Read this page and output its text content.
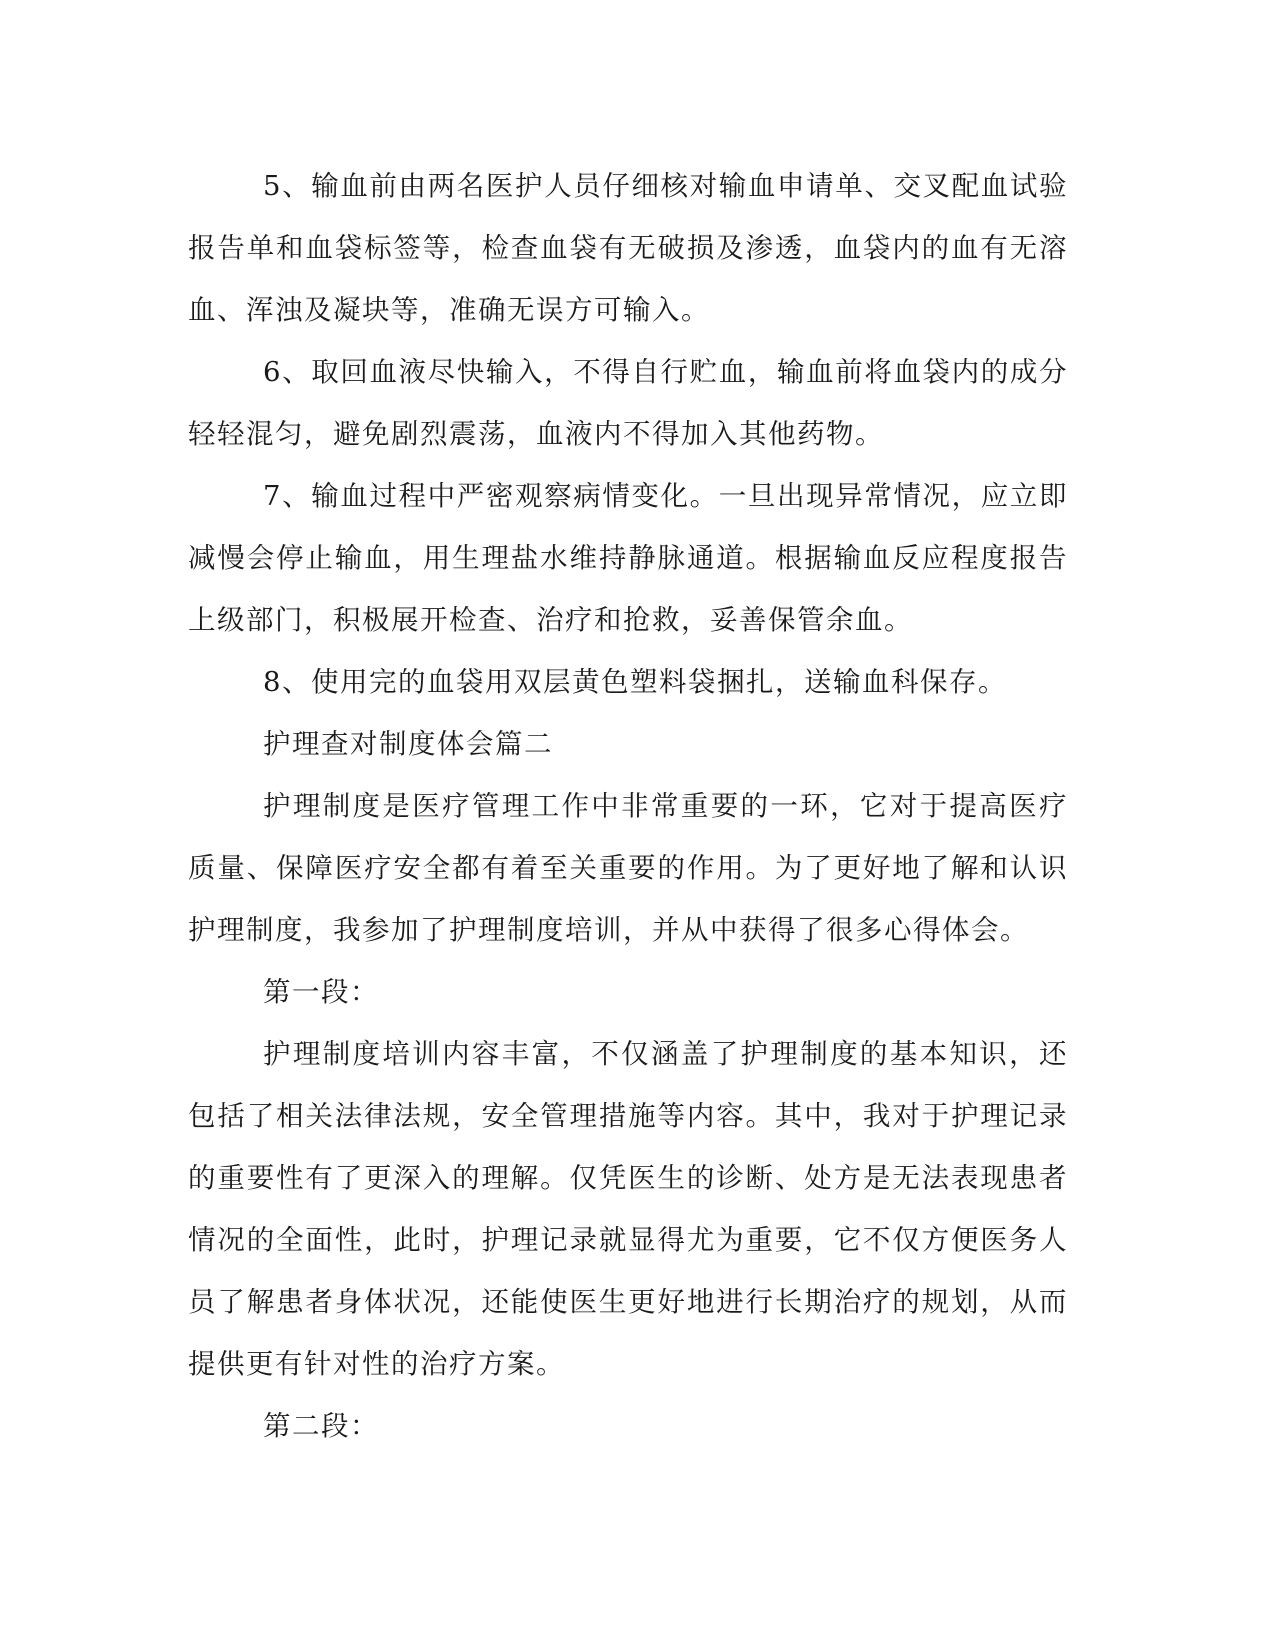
5、输血前由两名医护人员仔细核对输血申请单、交叉配血试验报告单和血袋标签等，检查血袋有无破损及渗透，血袋内的血有无溶血、浑浊及凝块等，准确无误方可输入。

6、取回血液尽快输入，不得自行贮血，输血前将血袋内的成分轻轻混匀，避免剧烈震荡，血液内不得加入其他药物。

7、输血过程中严密观察病情变化。一旦出现异常情况，应立即减慢会停止输血，用生理盐水维持静脉通道。根据输血反应程度报告上级部门，积极展开检查、治疗和抢救，妥善保管余血。

8、使用完的血袋用双层黄色塑料袋捆扎，送输血科保存。

护理查对制度体会篇二

护理制度是医疗管理工作中非常重要的一环，它对于提高医疗质量、保障医疗安全都有着至关重要的作用。为了更好地了解和认识护理制度，我参加了护理制度培训，并从中获得了很多心得体会。

第一段：

护理制度培训内容丰富，不仅涵盖了护理制度的基本知识，还包括了相关法律法规，安全管理措施等内容。其中，我对于护理记录的重要性有了更深入的理解。仅凭医生的诊断、处方是无法表现患者情况的全面性，此时，护理记录就显得尤为重要，它不仅方便医务人员了解患者身体状况，还能使医生更好地进行长期治疗的规划，从而提供更有针对性的治疗方案。

第二段：
